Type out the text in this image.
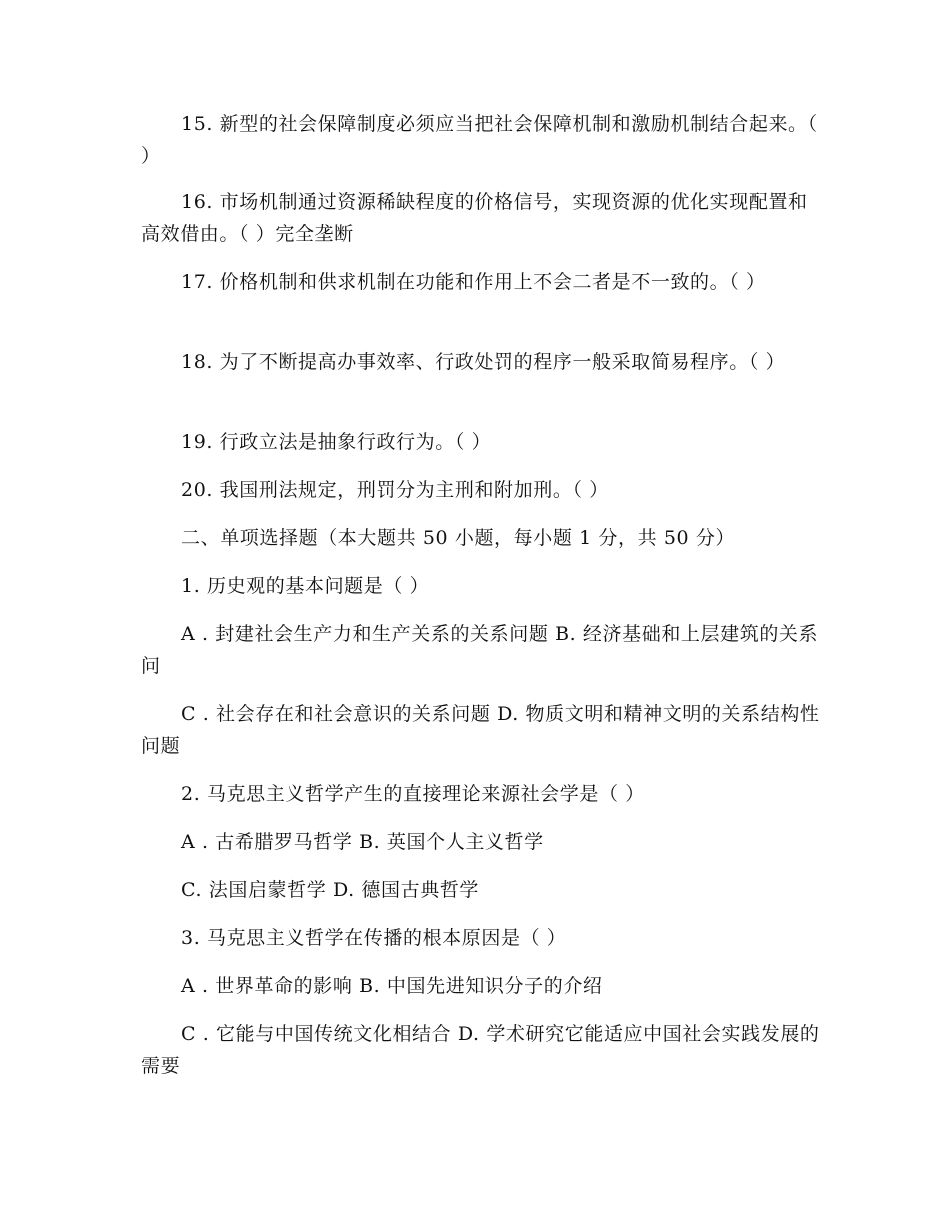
15. 新型的社会保障制度必须应当把社会保障机制和激励机制结合起来。（ ）
16. 市场机制通过资源稀缺程度的价格信号，实现资源的优化实现配置和高效借由。（ ）完全垄断
17. 价格机制和供求机制在功能和作用上不会二者是不一致的。（ ）
18. 为了不断提高办事效率、行政处罚的程序一般采取简易程序。（ ）
19. 行政立法是抽象行政行为。（ ）
20. 我国刑法规定，刑罚分为主刑和附加刑。（ ）
二、单项选择题（本大题共 50 小题，每小题 1 分，共 50 分）
1. 历史观的基本问题是（ ）
A . 封建社会生产力和生产关系的关系问题 B. 经济基础和上层建筑的关系问
C . 社会存在和社会意识的关系问题 D. 物质文明和精神文明的关系结构性问题
2. 马克思主义哲学产生的直接理论来源社会学是（ ）
A . 古希腊罗马哲学 B. 英国个人主义哲学
C. 法国启蒙哲学 D. 德国古典哲学
3. 马克思主义哲学在传播的根本原因是（ ）
A . 世界革命的影响 B. 中国先进知识分子的介绍
C . 它能与中国传统文化相结合 D. 学术研究它能适应中国社会实践发展的需要
